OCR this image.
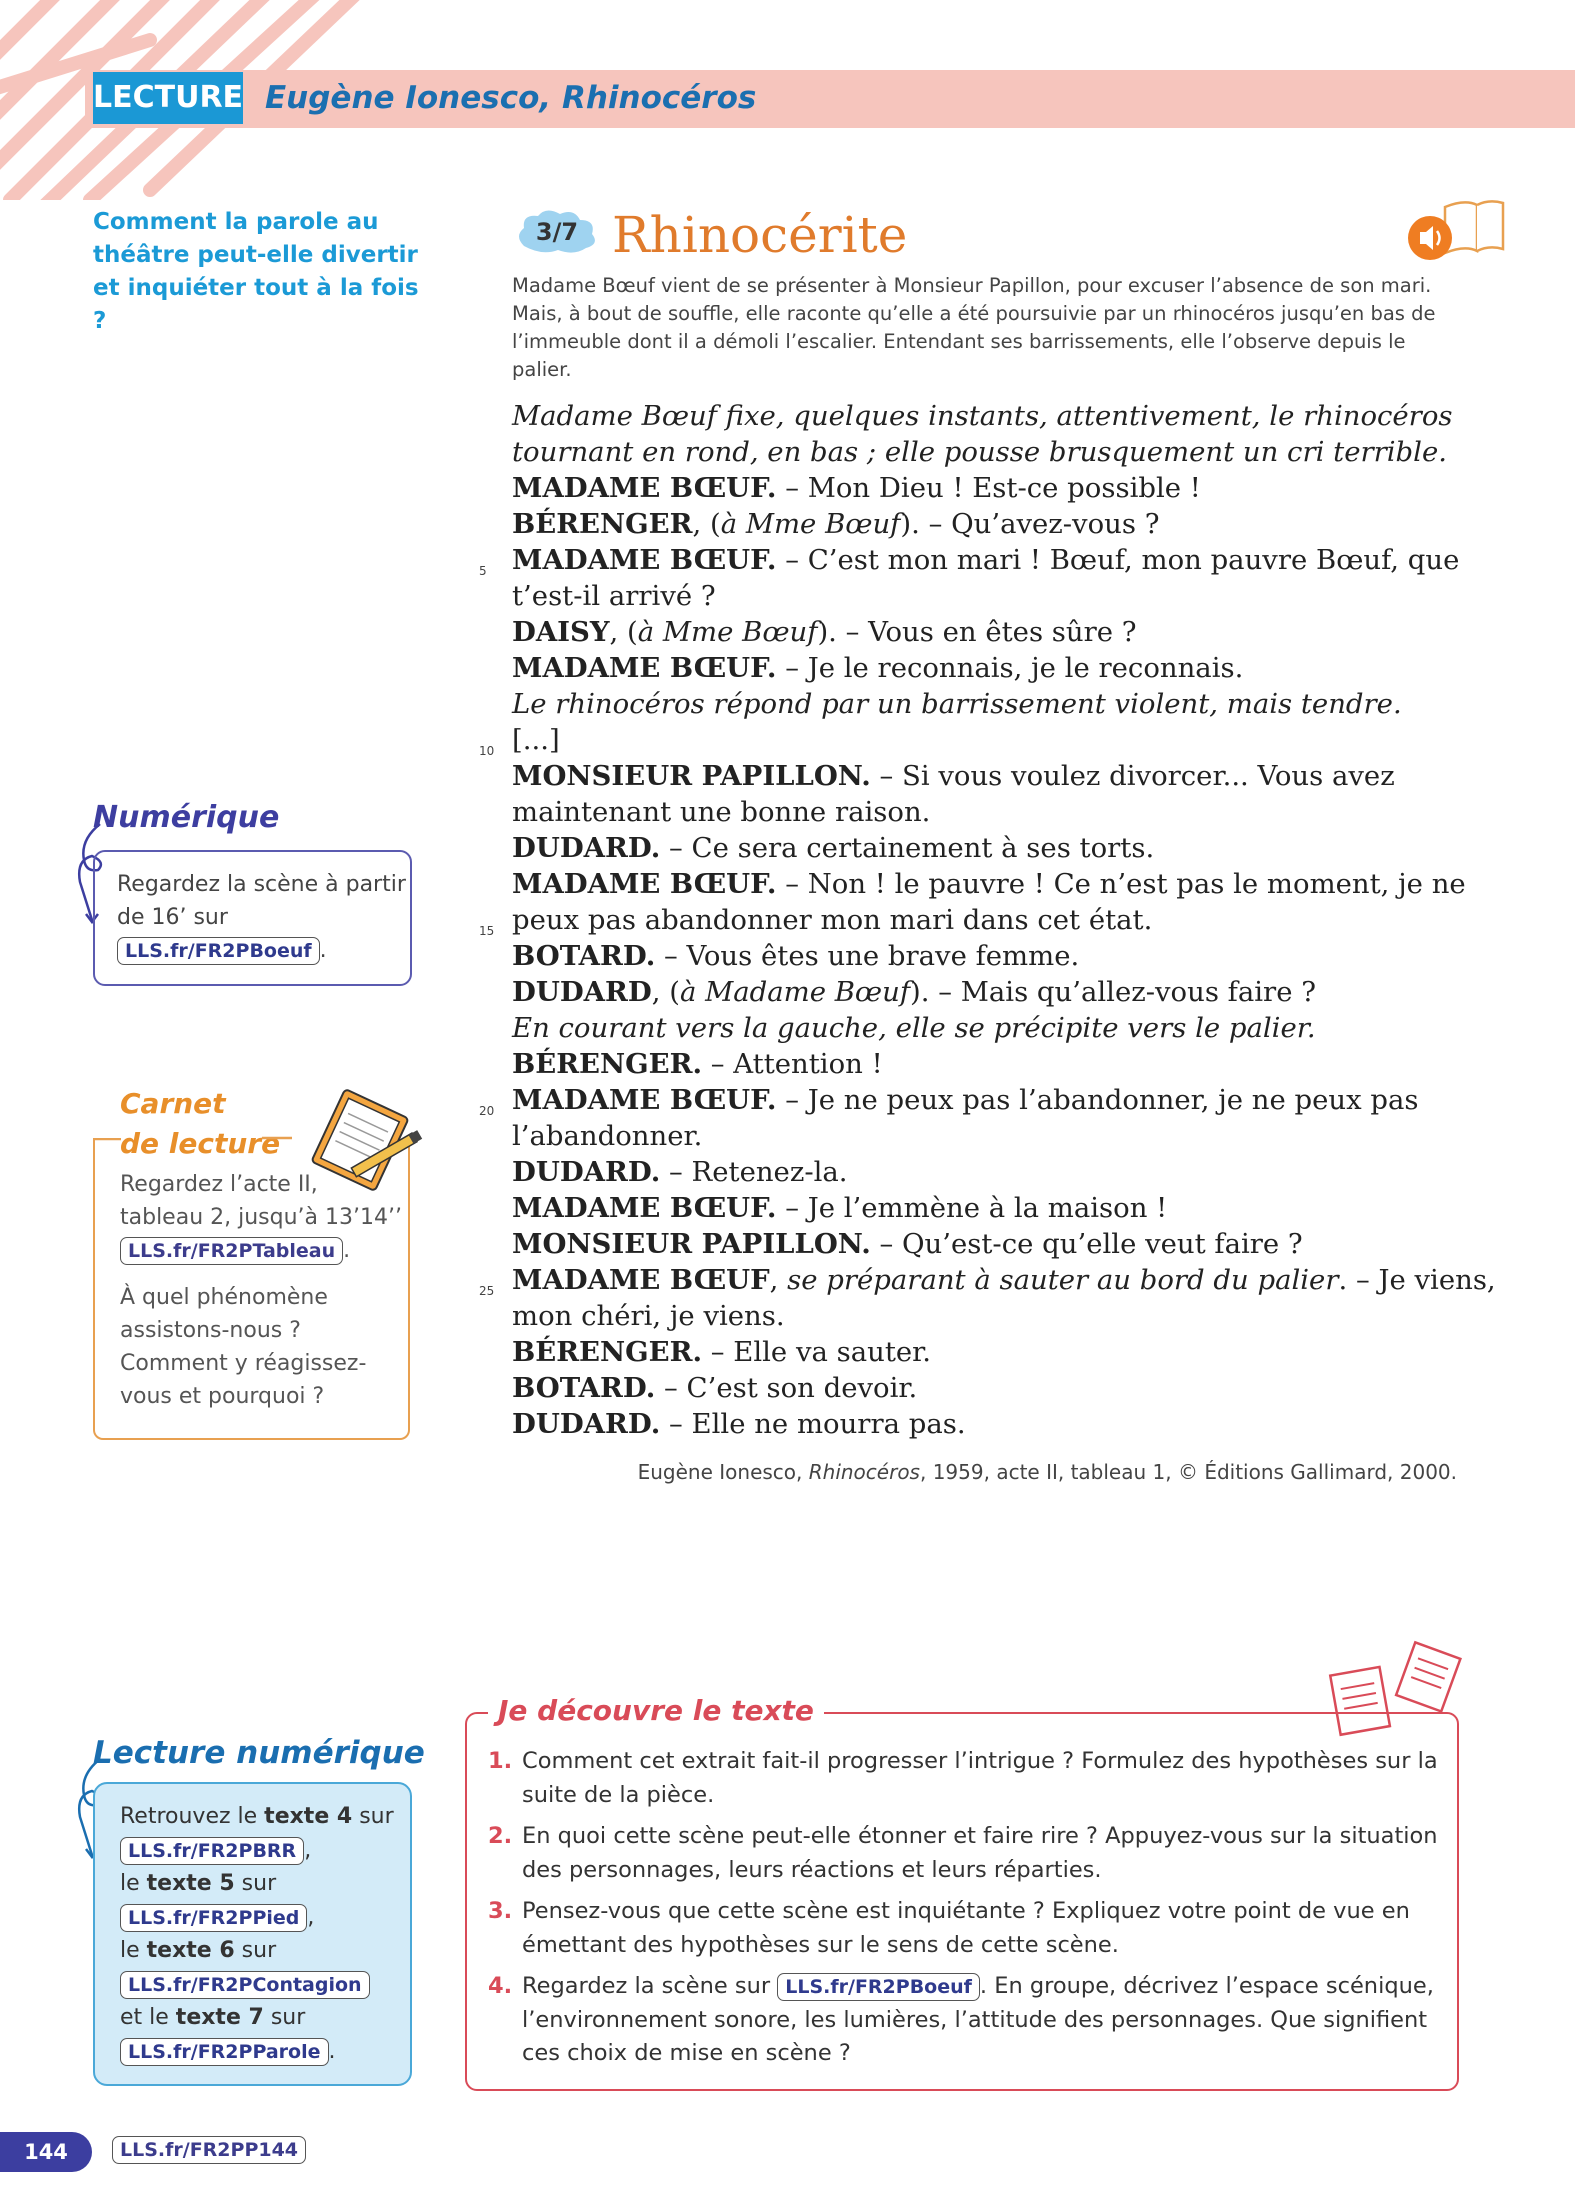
LECTURE Eugène Ionesco, Rhinocéros
Comment la parole au théâtre peut-elle divertir et inquiéter tout à la fois ?
3/7 Rhinocérite
Madame Bœuf vient de se présenter à Monsieur Papillon, pour excuser l’absence de son mari. Mais, à bout de souffle, elle raconte qu’elle a été poursuivie par un rhinocéros jusqu’en bas de l’immeuble dont il a démoli l’escalier. Entendant ses barrissements, elle l’observe depuis le palier.
Madame Bœuf fixe, quelques instants, attentivement, le rhinocéros
tournant en rond, en bas ; elle pousse brusquement un cri terrible.
MADAME BŒUF. – Mon Dieu ! Est-ce possible !
BÉRENGER, (à Mme Bœuf). – Qu’avez-vous ?
5 MADAME BŒUF. – C’est mon mari ! Bœuf, mon pauvre Bœuf, que
t’est-il arrivé ?
DAISY, (à Mme Bœuf). – Vous en êtes sûre ?
MADAME BŒUF. – Je le reconnais, je le reconnais.
Le rhinocéros répond par un barrissement violent, mais tendre.
10 [...]
MONSIEUR PAPILLON. – Si vous voulez divorcer... Vous avez
maintenant une bonne raison.
DUDARD. – Ce sera certainement à ses torts.
MADAME BŒUF. – Non ! le pauvre ! Ce n’est pas le moment, je ne
15 peux pas abandonner mon mari dans cet état.
BOTARD. – Vous êtes une brave femme.
DUDARD, (à Madame Bœuf). – Mais qu’allez-vous faire ?
En courant vers la gauche, elle se précipite vers le palier.
BÉRENGER. – Attention !
20 MADAME BŒUF. – Je ne peux pas l’abandonner, je ne peux pas
l’abandonner.
DUDARD. – Retenez-la.
MADAME BŒUF. – Je l’emmène à la maison !
MONSIEUR PAPILLON. – Qu’est-ce qu’elle veut faire ?
25 MADAME BŒUF, se préparant à sauter au bord du palier. – Je viens,
mon chéri, je viens.
BÉRENGER. – Elle va sauter.
BOTARD. – C’est son devoir.
DUDARD. – Elle ne mourra pas.
Eugène Ionesco, Rhinocéros, 1959, acte II, tableau 1, © Éditions Gallimard, 2000.
Numérique
Regardez la scène à partir de 16’ sur LLS.fr/FR2PBoeuf .
Carnet
de lecture

Regardez l’acte II, tableau 2, jusqu’à 13’14’’ LLS.fr/FR2PTableau .

À quel phénomène assistons-nous ? Comment y réagissez-vous et pourquoi ?

Lecture numérique
Retrouvez le texte 4 sur
LLS.fr/FR2PBRR ,
le texte 5 sur
LLS.fr/FR2PPied ,
le texte 6 sur
LLS.fr/FR2PContagion
et le texte 7 sur
LLS.fr/FR2PParole .
Je découvre le texte
1. Comment cet extrait fait-il progresser l’intrigue ? Formulez des hypothèses sur la suite de la pièce.
2. En quoi cette scène peut-elle étonner et faire rire ? Appuyez-vous sur la situation des personnages, leurs réactions et leurs réparties.
3. Pensez-vous que cette scène est inquiétante ? Expliquez votre point de vue en émettant des hypothèses sur le sens de cette scène.
4. Regardez la scène sur LLS.fr/FR2PBoeuf . En groupe, décrivez l’espace scénique, l’environnement sonore, les lumières, l’attitude des personnages. Que signifient ces choix de mise en scène ?
144	LLS.fr/FR2PP144
